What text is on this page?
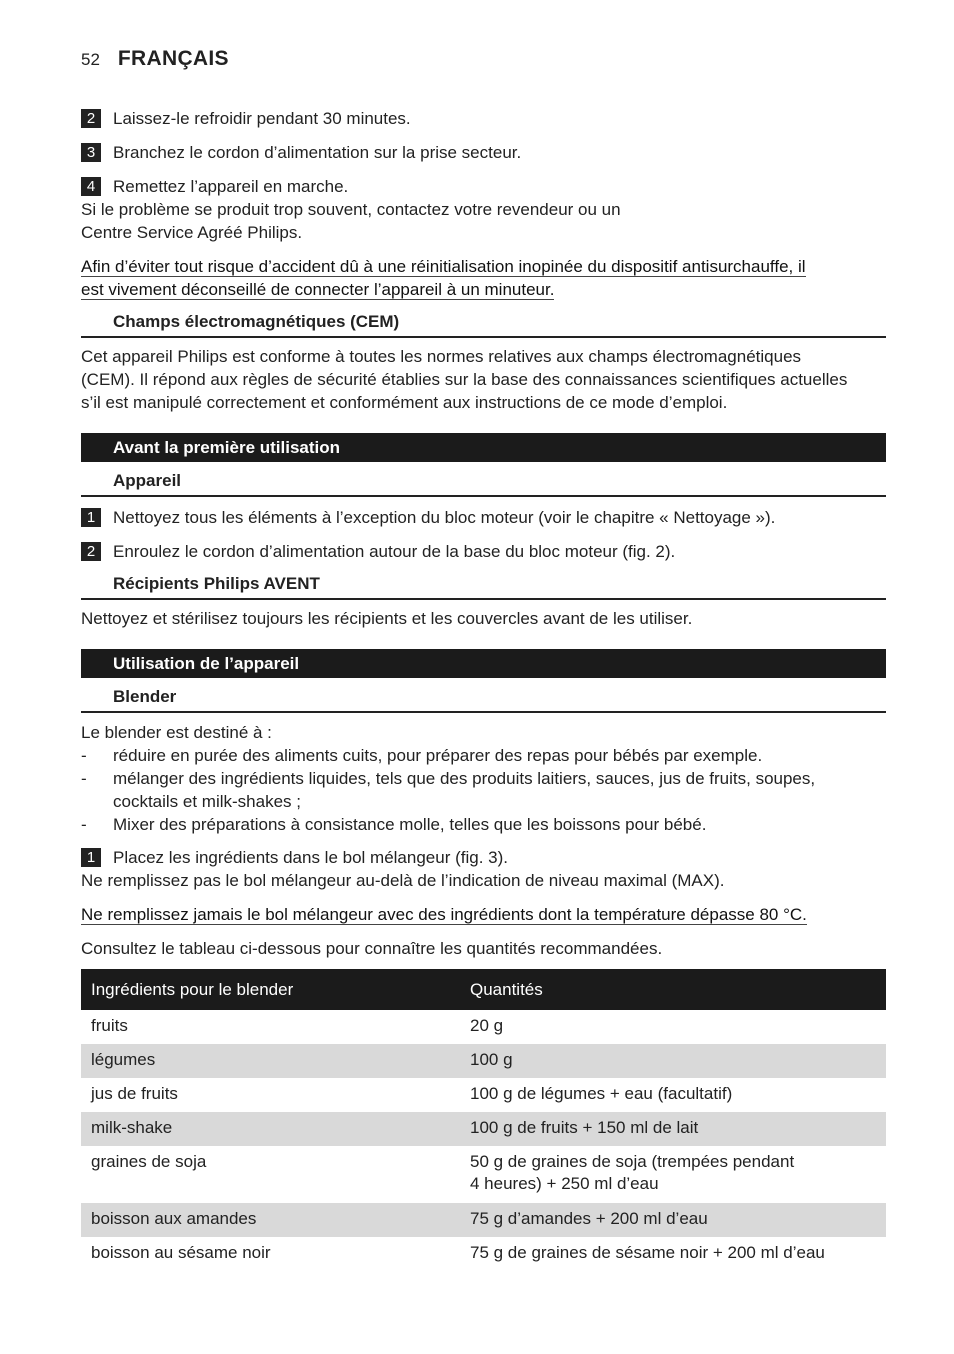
52 FRANÇAIS
2 Laissez-le refroidir pendant 30 minutes.
3 Branchez le cordon d’alimentation sur la prise secteur.
4 Remettez l’appareil en marche.
Si le problème se produit trop souvent, contactez votre revendeur ou un
Centre Service Agréé Philips.
Afin d’éviter tout risque d’accident dû à une réinitialisation inopinée du dispositif antisurchauffe, il
est vivement déconseillé de connecter l’appareil à un minuteur.
Champs électromagnétiques (CEM)
Cet appareil Philips est conforme à toutes les normes relatives aux champs électromagnétiques
(CEM). Il répond aux règles de sécurité établies sur la base des connaissances scientifiques actuelles
s’il est manipulé correctement et conformément aux instructions de ce mode d’emploi.
Avant la première utilisation
Appareil
1 Nettoyez tous les éléments à l’exception du bloc moteur (voir le chapitre « Nettoyage »).
2 Enroulez le cordon d’alimentation autour de la base du bloc moteur (fig. 2).
Récipients Philips AVENT
Nettoyez et stérilisez toujours les récipients et les couvercles avant de les utiliser.
Utilisation de l’appareil
Blender
Le blender est destiné à :
- réduire en purée des aliments cuits, pour préparer des repas pour bébés par exemple.
- mélanger des ingrédients liquides, tels que des produits laitiers, sauces, jus de fruits, soupes,
cocktails et milk-shakes ;
- Mixer des préparations à consistance molle, telles que les boissons pour bébé.
1 Placez les ingrédients dans le bol mélangeur (fig. 3).
Ne remplissez pas le bol mélangeur au-delà de l’indication de niveau maximal (MAX).
Ne remplissez jamais le bol mélangeur avec des ingrédients dont la température dépasse 80 °C.
Consultez le tableau ci-dessous pour connaître les quantités recommandées.
Ingrédients pour le blender	Quantités
fruits	20 g
légumes	100 g
jus de fruits	100 g de légumes + eau (facultatif)
milk-shake	100 g de fruits + 150 ml de lait
graines de soja	50 g de graines de soja (trempées pendant
4 heures) + 250 ml d’eau

boisson aux amandes	75 g d’amandes + 200 ml d’eau
boisson au sésame noir	75 g de graines de sésame noir + 200 ml d’eau
